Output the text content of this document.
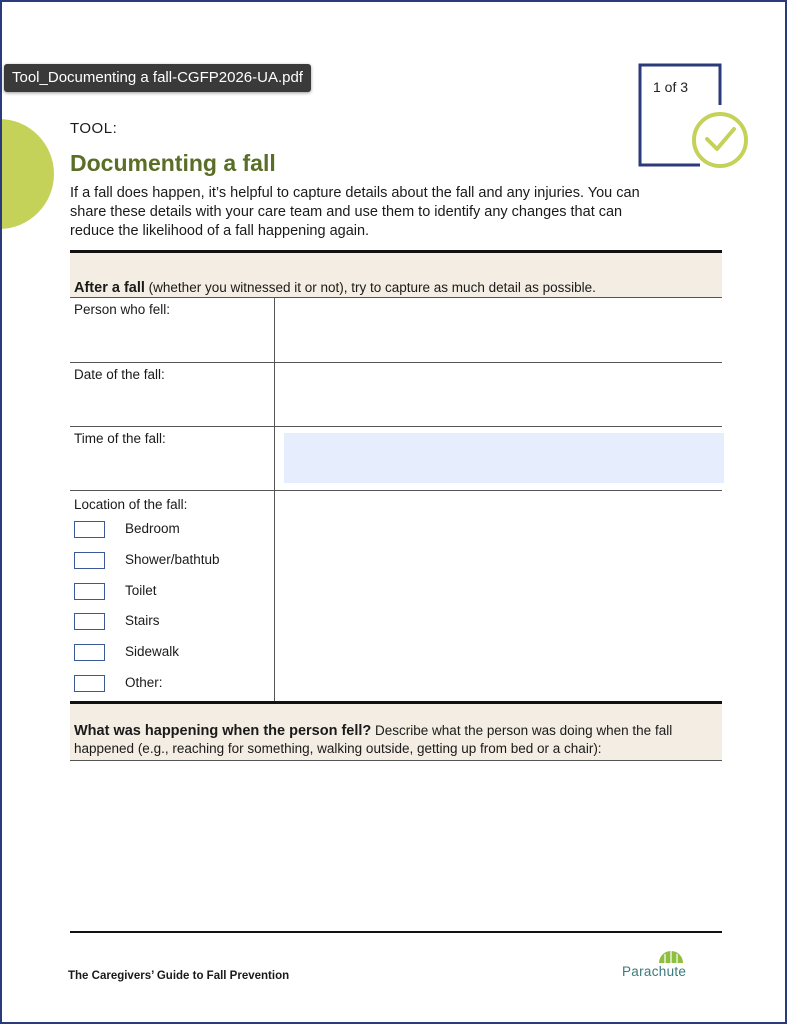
Tool_Documenting a fall-CGFP2026-UA.pdf
1 of 3
TOOL:
Documenting a fall

If a fall does happen, it’s helpful to capture details about the fall and any injuries. You can share these details with your care team and use them to identify any changes that can reduce the likelihood of a fall happening again.

After a fall (whether you witnessed it or not), try to capture as much detail as possible.
Person who fell:
Date of the fall:
Time of the fall:
Location of the fall:
Bedroom
Shower/bathtub
Toilet
Stairs
Sidewalk
Other:
What was happening when the person fell? Describe what the person was doing when the fall happened (e.g., reaching for something, walking outside, getting up from bed or a chair):
The Caregivers’ Guide to Fall Prevention	Parachute
